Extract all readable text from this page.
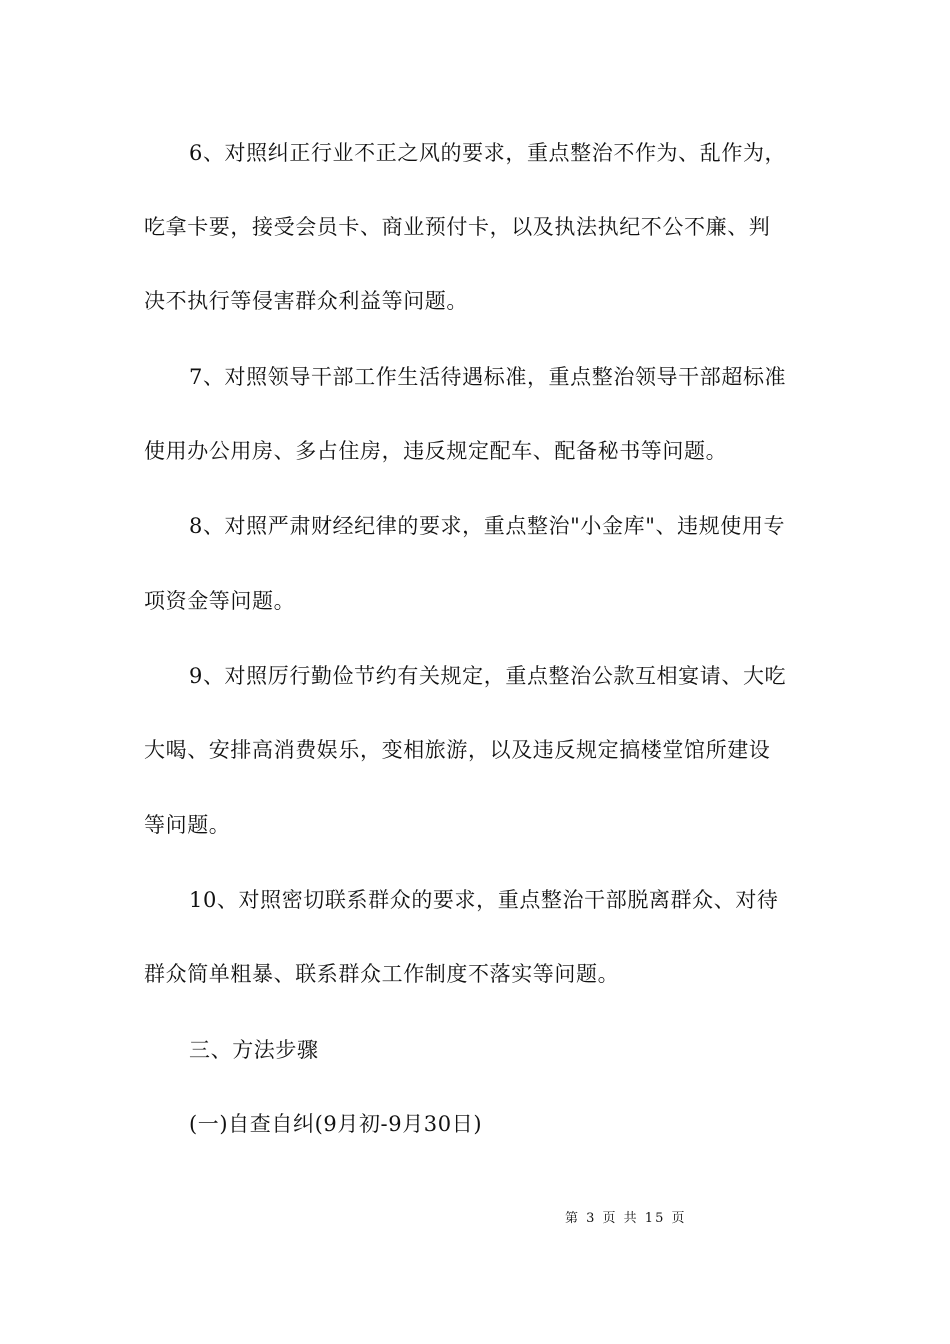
6、对照纠正行业不正之风的要求，重点整治不作为、乱作为，
吃拿卡要，接受会员卡、商业预付卡，以及执法执纪不公不廉、判
决不执行等侵害群众利益等问题。
7、对照领导干部工作生活待遇标准，重点整治领导干部超标准
使用办公用房、多占住房，违反规定配车、配备秘书等问题。
8、对照严肃财经纪律的要求，重点整治"小金库"、违规使用专
项资金等问题。
9、对照厉行勤俭节约有关规定，重点整治公款互相宴请、大吃
大喝、安排高消费娱乐，变相旅游，以及违反规定搞楼堂馆所建设
等问题。
10、对照密切联系群众的要求，重点整治干部脱离群众、对待
群众简单粗暴、联系群众工作制度不落实等问题。
三、方法步骤
(一)自查自纠(9月初-9月30日)
第 3 页 共 15 页
